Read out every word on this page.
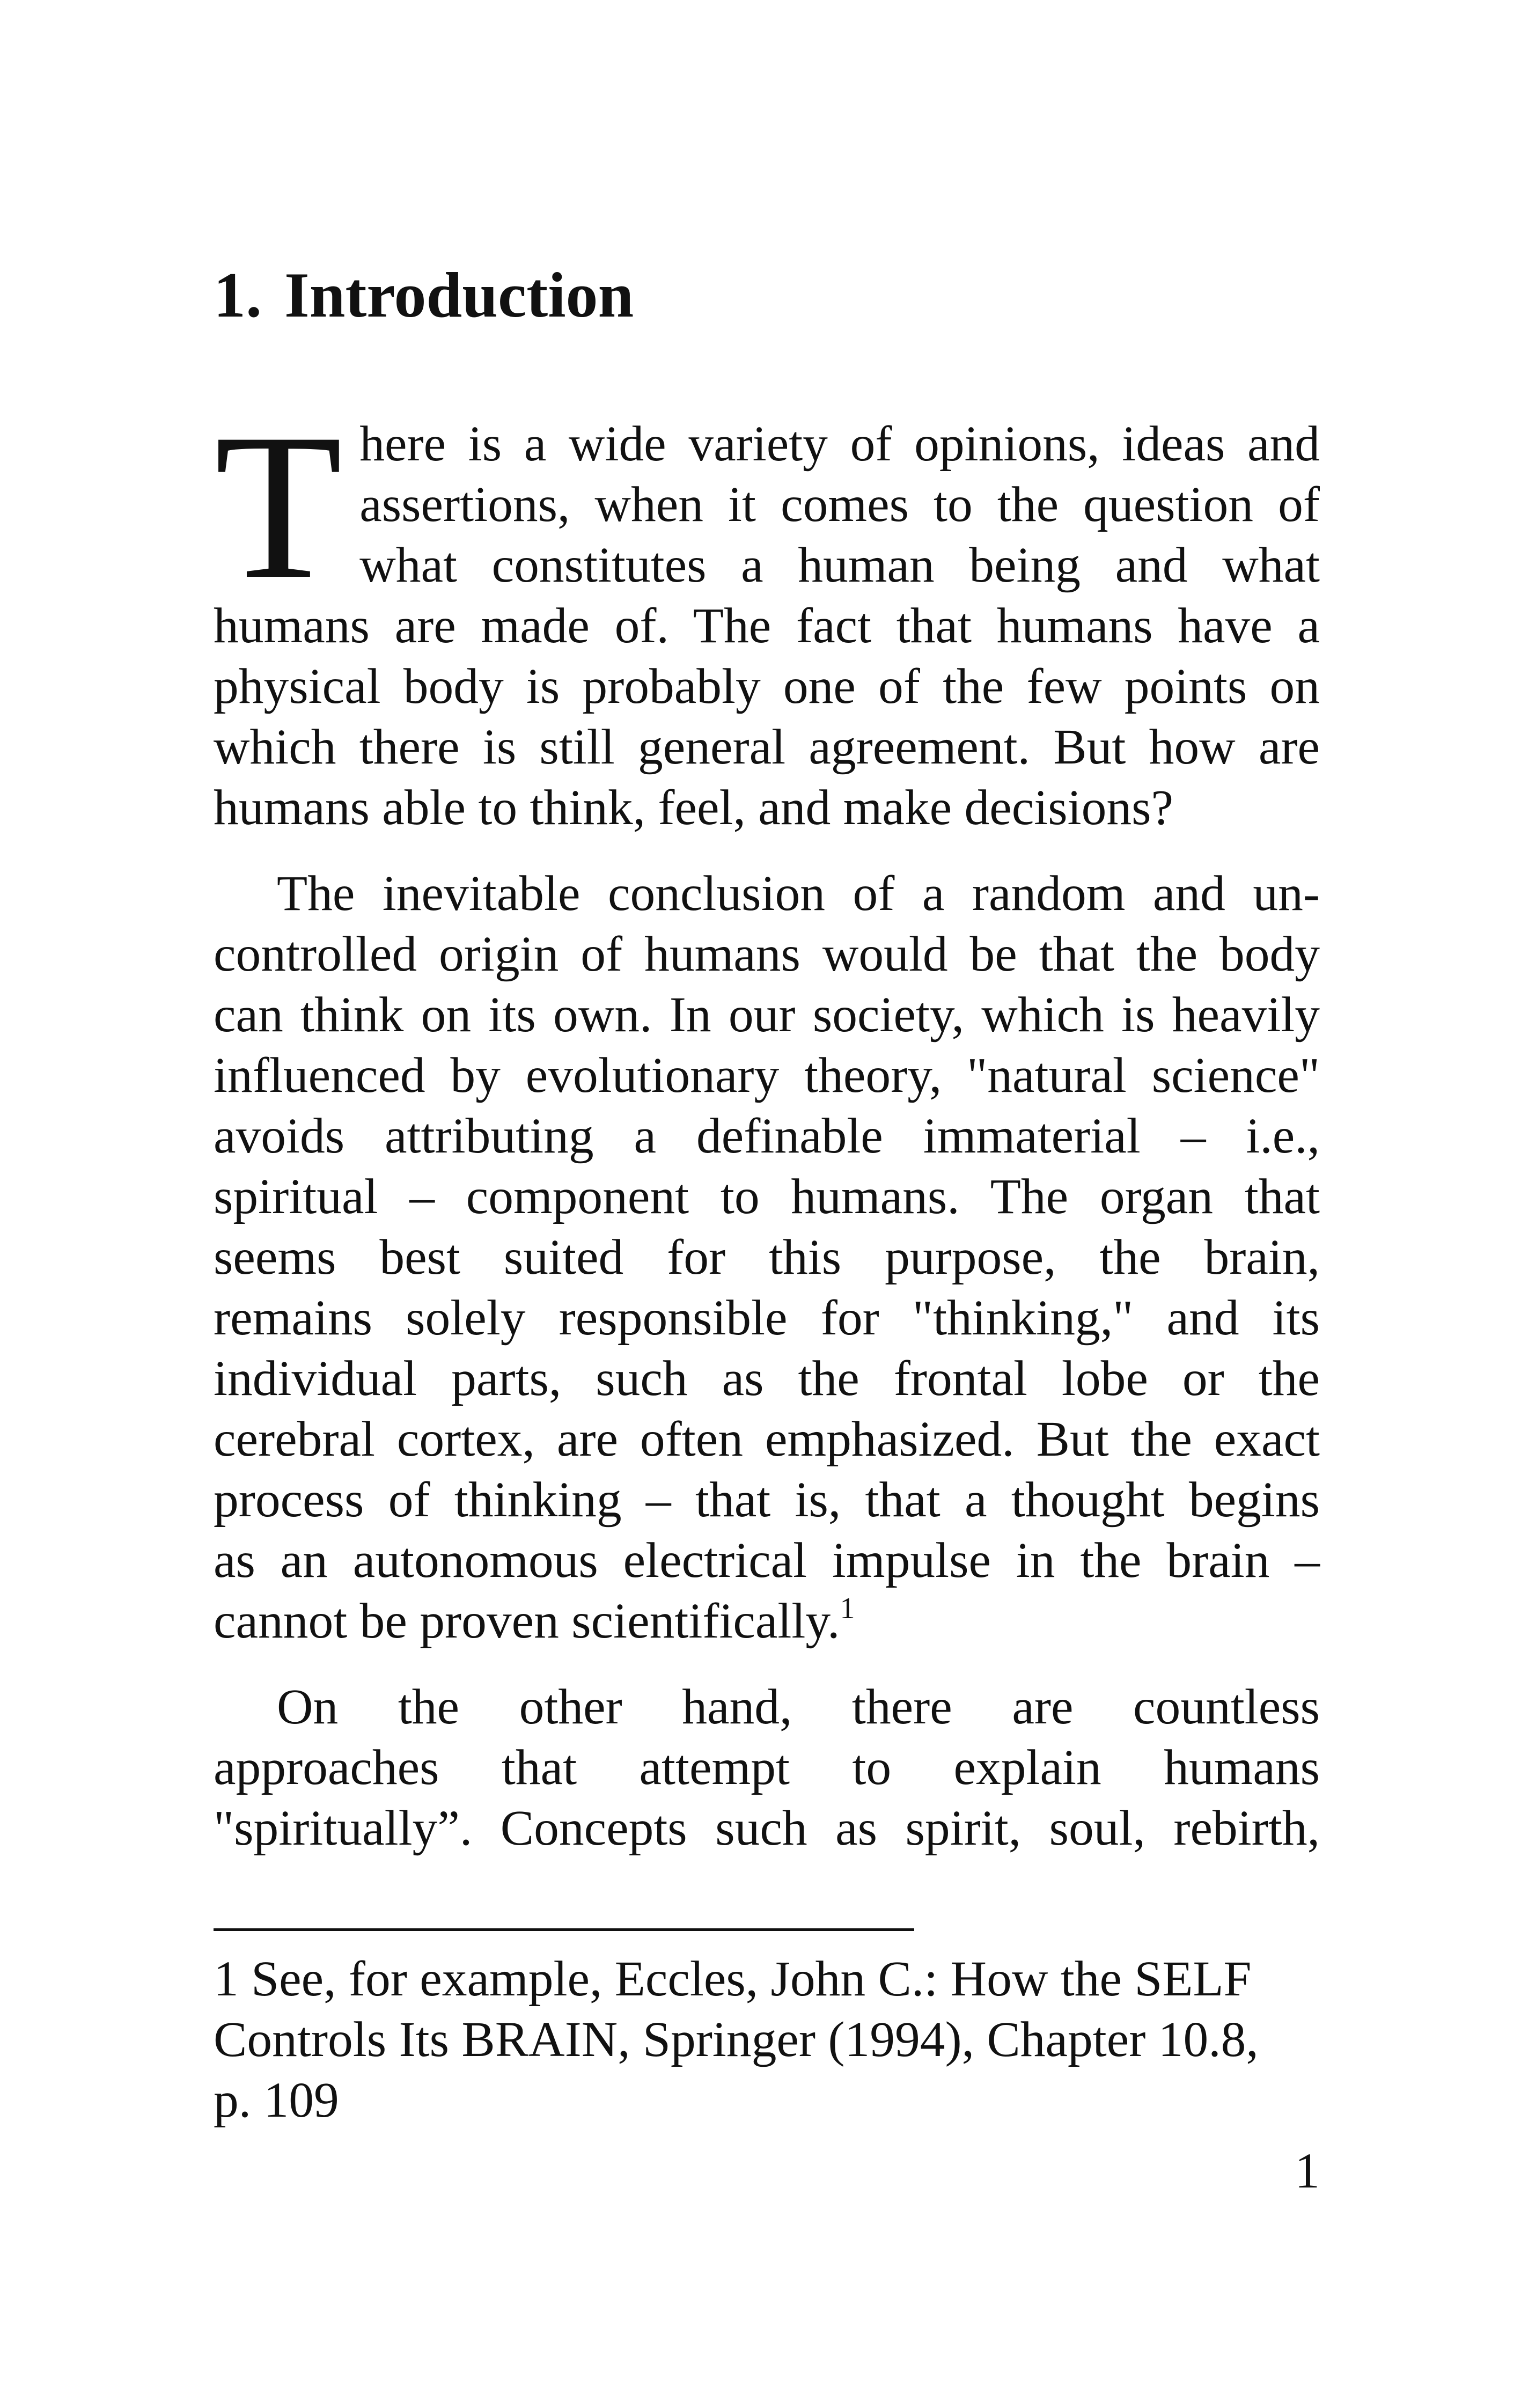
1. Introduction

T here is a wide variety of opinions, ideas and
assertions, when it comes to the question of
what constitutes a human being and what
humans are made of. The fact that humans have a
physical body is probably one of the few points on
which there is still general agreement. But how are
humans able to think, feel, and make decisions?

The inevitable conclusion of a random and un-
controlled origin of humans would be that the body
can think on its own. In our society, which is heavily
influenced by evolutionary theory, "natural science"
avoids attributing a definable immaterial – i.e.,
spiritual – component to humans. The organ that
seems best suited for this purpose, the brain,
remains solely responsible for "thinking," and its
individual parts, such as the frontal lobe or the
cerebral cortex, are often emphasized. But the exact
process of thinking – that is, that a thought begins
as an autonomous electrical impulse in the brain –
cannot be proven scientifically.$^1$

On the other hand, there are countless
approaches that attempt to explain humans
"spiritually”. Concepts such as spirit, soul, rebirth,

1 See, for example, Eccles, John C.: How the SELF
Controls Its BRAIN, Springer (1994), Chapter 10.8,
p. 109

1
